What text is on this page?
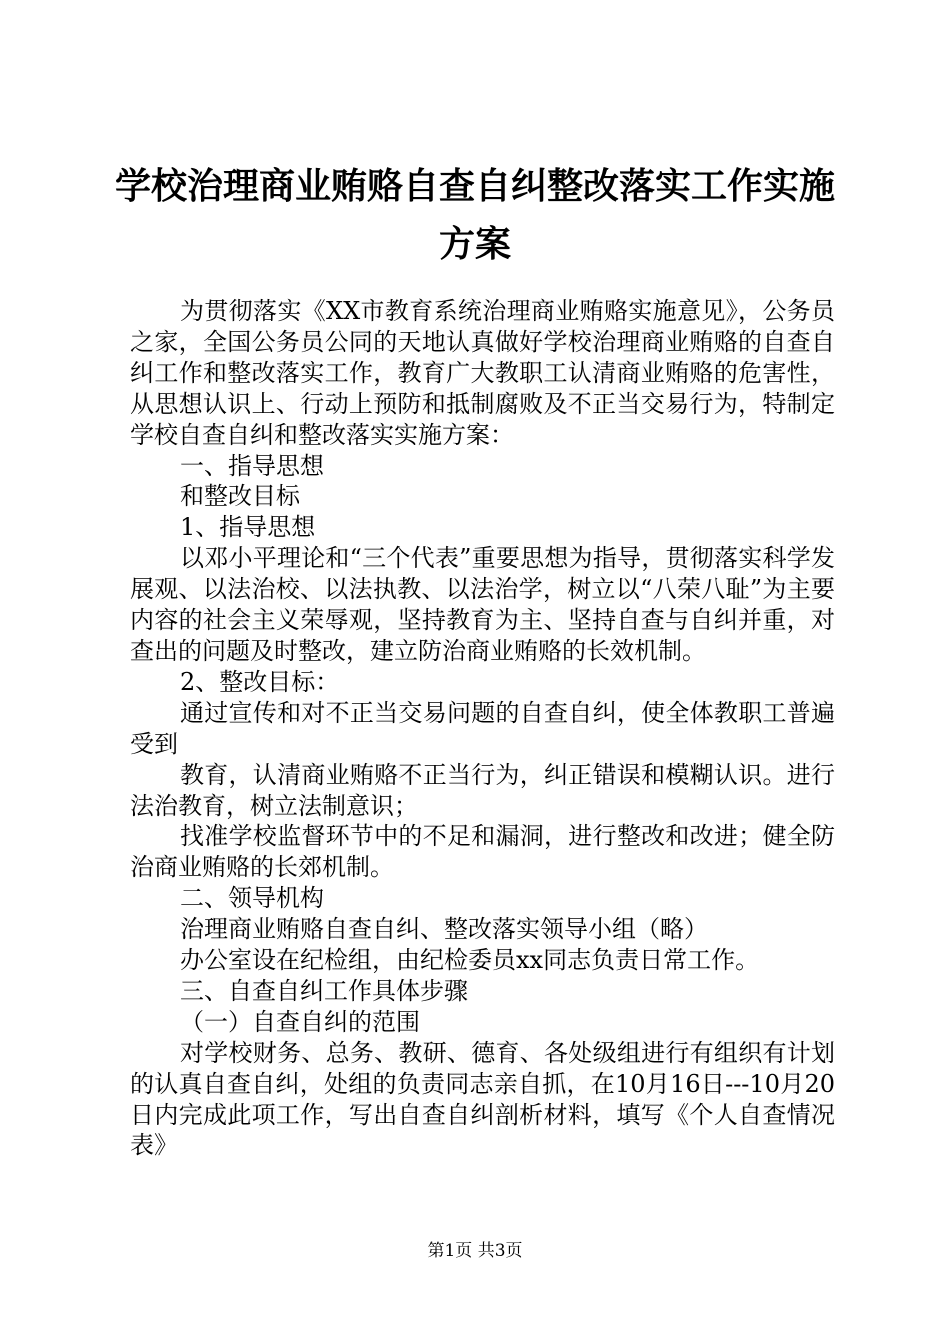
学校治理商业贿赂自查自纠整改落实工作实施
方案

为贯彻落实《XX市教育系统治理商业贿赂实施意见》，公务员之家，全国公务员公同的天地认真做好学校治理商业贿赂的自查自纠工作和整改落实工作，教育广大教职工认清商业贿赂的危害性，从思想认识上、行动上预防和抵制腐败及不正当交易行为，特制定学校自查自纠和整改落实实施方案：

一、指导思想

和整改目标

1、指导思想

以邓小平理论和“三个代表”重要思想为指导，贯彻落实科学发展观、以法治校、以法执教、以法治学，树立以“八荣八耻”为主要内容的社会主义荣辱观，坚持教育为主、坚持自查与自纠并重，对查出的问题及时整改，建立防治商业贿赂的长效机制。

2、整改目标：

通过宣传和对不正当交易问题的自查自纠，使全体教职工普遍受到

教育，认清商业贿赂不正当行为，纠正错误和模糊认识。进行法治教育，树立法制意识；

找准学校监督环节中的不足和漏洞，进行整改和改进；健全防治商业贿赂的长郊机制。

二、领导机构

治理商业贿赂自查自纠、整改落实领导小组（略）

办公室设在纪检组，由纪检委员xx同志负责日常工作。

三、自查自纠工作具体步骤

（一）自查自纠的范围

对学校财务、总务、教研、德育、各处级组进行有组织有计划的认真自查自纠，处组的负责同志亲自抓，在10月16日---10月20日内完成此项工作，写出自查自纠剖析材料，填写《个人自查情况表》

第1页 共3页
